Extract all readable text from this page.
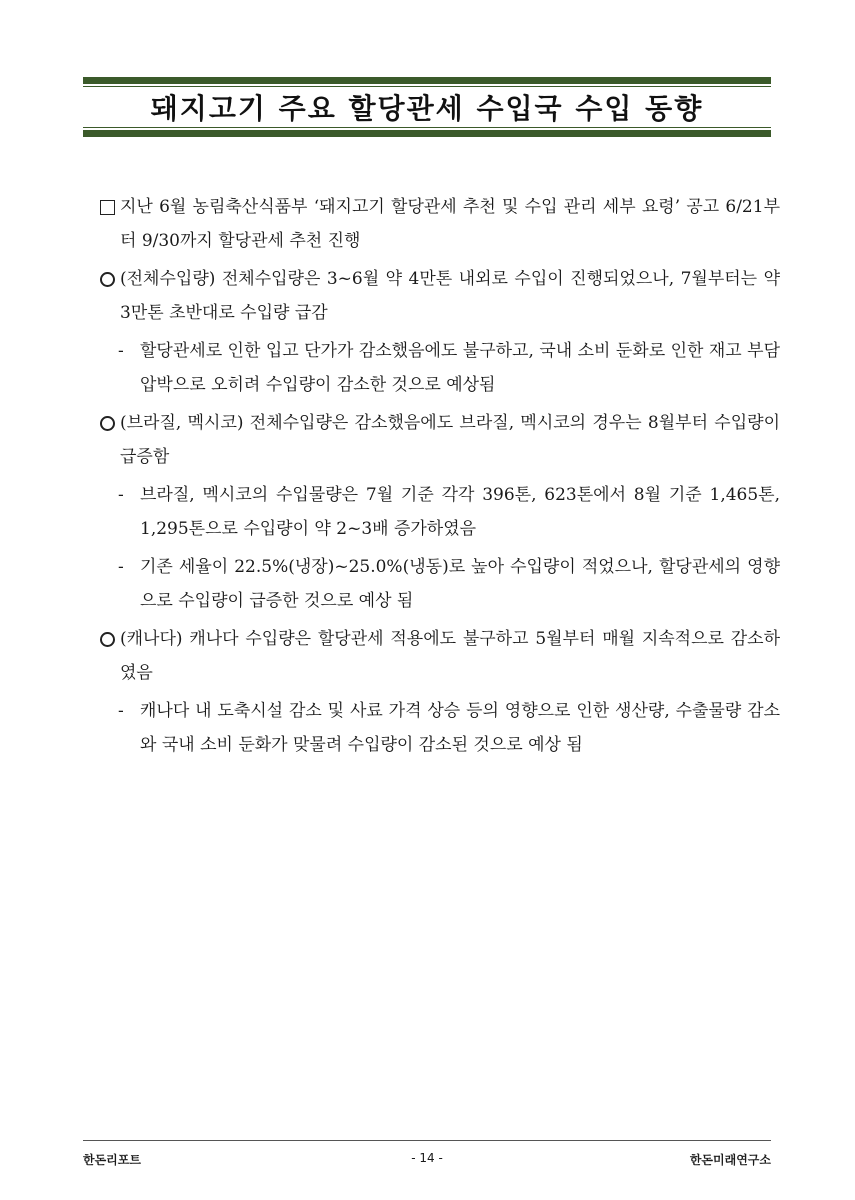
돼지고기 주요 할당관세 수입국 수입 동향
지난 6월 농림축산식품부 ‘돼지고기 할당관세 추천 및 수입 관리 세부 요령’ 공고 6/21부터 9/30까지 할당관세 추천 진행
(전체수입량) 전체수입량은 3~6월 약 4만톤 내외로 수입이 진행되었으나, 7월부터는 약 3만톤 초반대로 수입량 급감
- 할당관세로 인한 입고 단가가 감소했음에도 불구하고, 국내 소비 둔화로 인한 재고 부담 압박으로 오히려 수입량이 감소한 것으로 예상됨
(브라질, 멕시코) 전체수입량은 감소했음에도 브라질, 멕시코의 경우는 8월부터 수입량이 급증함
- 브라질, 멕시코의 수입물량은 7월 기준 각각 396톤, 623톤에서 8월 기준 1,465톤, 1,295톤으로 수입량이 약 2~3배 증가하였음
- 기존 세율이 22.5%(냉장)~25.0%(냉동)로 높아 수입량이 적었으나, 할당관세의 영향으로 수입량이 급증한 것으로 예상 됨
(캐나다) 캐나다 수입량은 할당관세 적용에도 불구하고 5월부터 매월 지속적으로 감소하였음
- 캐나다 내 도축시설 감소 및 사료 가격 상승 등의 영향으로 인한 생산량, 수출물량 감소와 국내 소비 둔화가 맞물려 수입량이 감소된 것으로 예상 됨
한돈리포트	- 14 -	한돈미래연구소
